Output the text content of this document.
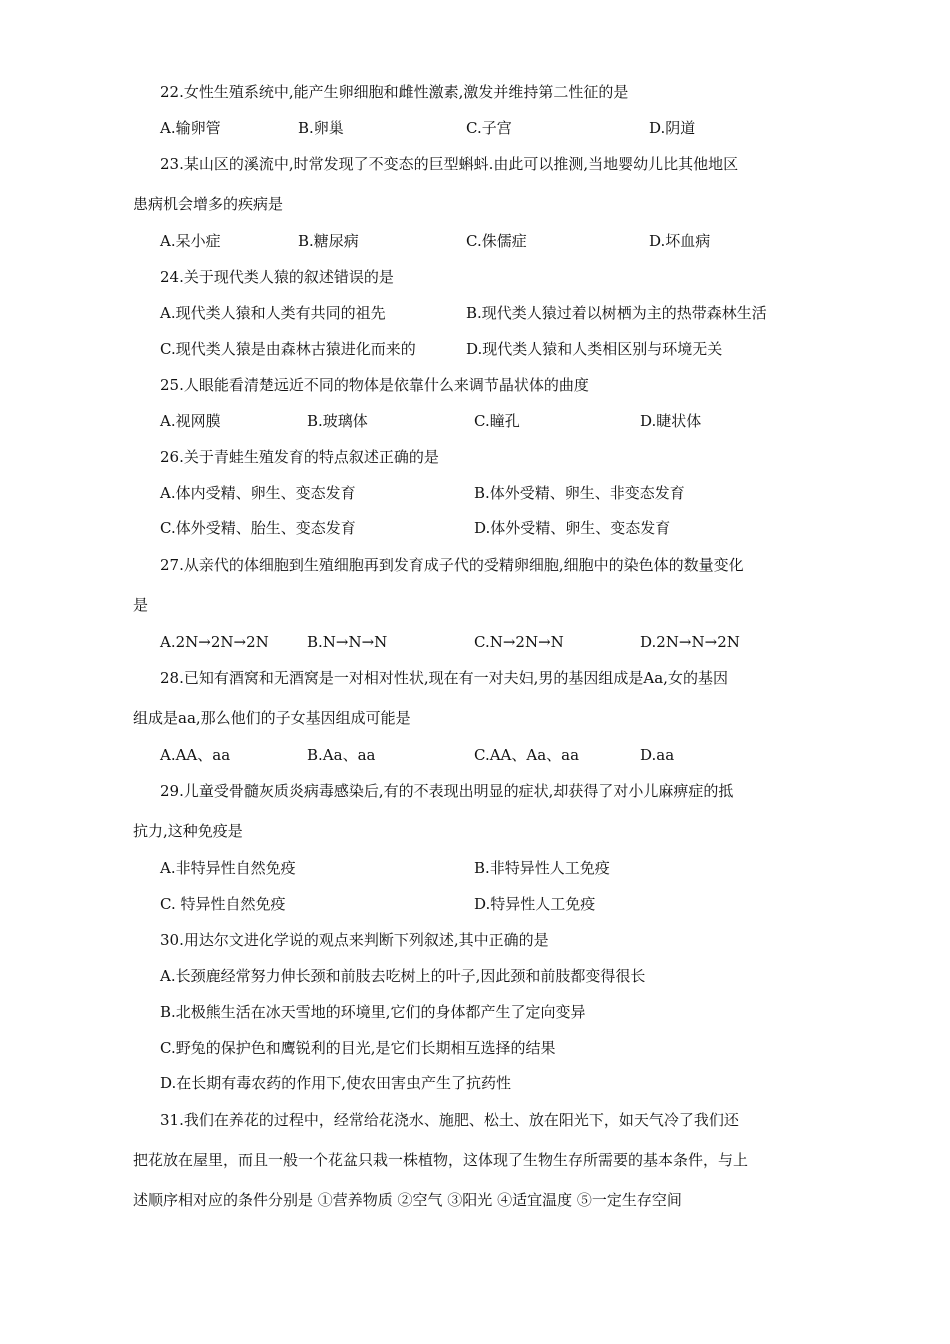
22.女性生殖系统中,能产生卵细胞和雌性激素,激发并维持第二性征的是
A.输卵管	B.卵巢	C.子宫	D.阴道
23.某山区的溪流中,时常发现了不变态的巨型蝌蚪.由此可以推测,当地婴幼儿比其他地区
患病机会增多的疾病是
A.呆小症	B.糖尿病	C.侏儒症	D.坏血病
24.关于现代类人猿的叙述错误的是
A.现代类人猿和人类有共同的祖先	B.现代类人猿过着以树栖为主的热带森林生活
C.现代类人猿是由森林古猿进化而来的	D.现代类人猿和人类相区别与环境无关
25.人眼能看清楚远近不同的物体是依靠什么来调节晶状体的曲度
A.视网膜	B.玻璃体	C.瞳孔	D.睫状体
26.关于青蛙生殖发育的特点叙述正确的是
A.体内受精、卵生、变态发育	B.体外受精、卵生、非变态发育
C.体外受精、胎生、变态发育	D.体外受精、卵生、变态发育
27.从亲代的体细胞到生殖细胞再到发育成子代的受精卵细胞,细胞中的染色体的数量变化
是
A.2N→2N→2N	B.N→N→N	C.N→2N→N	D.2N→N→2N
28.已知有酒窝和无酒窝是一对相对性状,现在有一对夫妇,男的基因组成是Aa,女的基因
组成是aa,那么他们的子女基因组成可能是
A.AA、aa	B.Aa、aa	C.AA、Aa、aa	D.aa
29.儿童受骨髓灰质炎病毒感染后,有的不表现出明显的症状,却获得了对小儿麻痹症的抵
抗力,这种免疫是
A.非特异性自然免疫	B.非特异性人工免疫
C. 特异性自然免疫	D.特异性人工免疫
30.用达尔文进化学说的观点来判断下列叙述,其中正确的是
A.长颈鹿经常努力伸长颈和前肢去吃树上的叶子,因此颈和前肢都变得很长
B.北极熊生活在冰天雪地的环境里,它们的身体都产生了定向变异
C.野兔的保护色和鹰锐利的目光,是它们长期相互选择的结果
D.在长期有毒农药的作用下,使农田害虫产生了抗药性
31.我们在养花的过程中，经常给花浇水、施肥、松土、放在阳光下，如天气冷了我们还
把花放在屋里，而且一般一个花盆只栽一株植物，这体现了生物生存所需要的基本条件，与上
述顺序相对应的条件分别是 ①营养物质 ②空气 ③阳光 ④适宜温度 ⑤一定生存空间
